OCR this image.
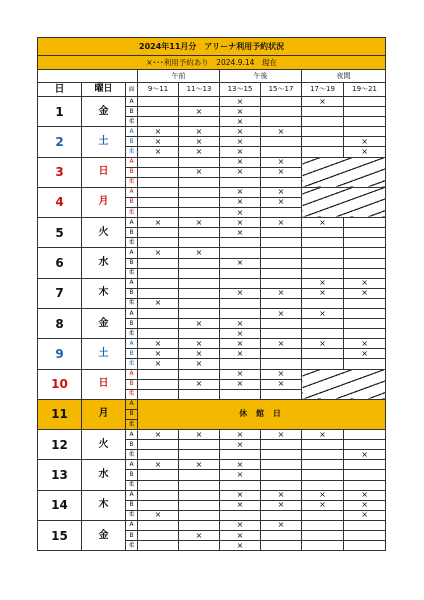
2024年11月分　アリーナ利用予約状況								
×･･･利用予約あり　2024.9.14　現在								
			午前		午後		夜間	
日	曜日	面	9～11	11～13	13～15	15～17	17～19	19～21
1	金	A			×		×	
		B		×	×			
		柔			×			
2	土	A	×	×	×	×		
		B	×	×	×			×
		柔	×	×	×			×
3	日	A			×	×		
		B		×	×	×		
		柔						
4	月	A			×	×		
		B			×	×		
		柔			×			
5	火	A	×	×	×	×	×	
		B			×			
		柔						
6	水	A	×	×				
		B			×			
		柔						
7	木	A					×	×
		B			×	×	×	×
		柔	×					
8	金	A				×	×	
		B		×	×			
		柔			×			
9	土	A	×	×	×	×	×	×
		B	×	×	×			×
		柔	×	×				
10	日	A			×	×		
		B		×	×	×		
		柔						
11	月	A	休 館 日					
		B						
		柔						
12	火	A	×	×	×	×	×	
		B			×			
		柔						×
13	水	A	×	×	×			
		B			×			
		柔						
14	木	A			×	×	×	×
		B			×	×	×	×
		柔	×					×
15	金	A			×	×		
		B		×	×			
		柔			×			
